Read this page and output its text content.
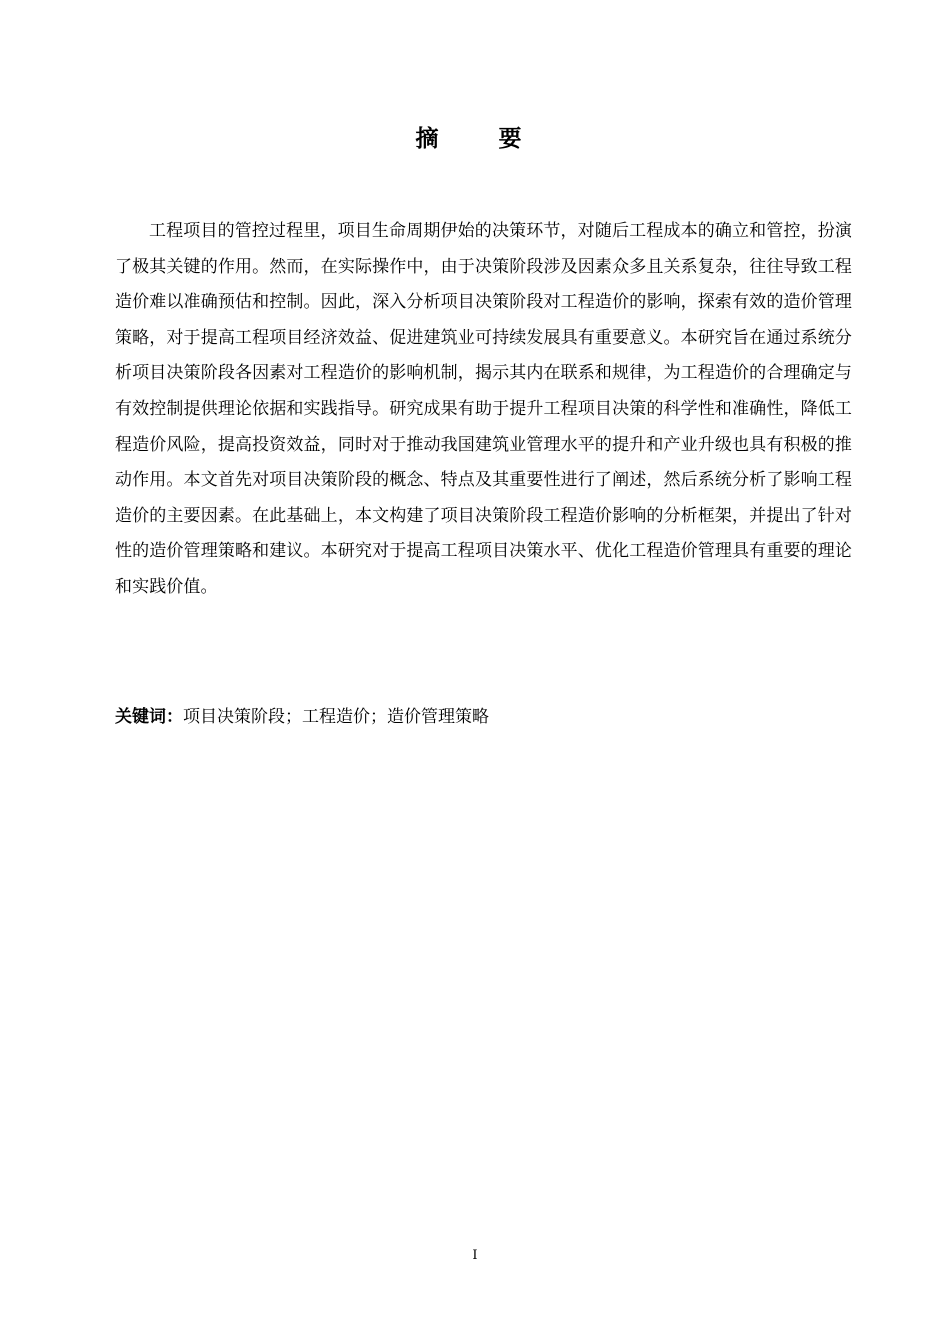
摘 要

工程项目的管控过程里，项目生命周期伊始的决策环节，对随后工程成本的确立和管控，扮演了极其关键的作用。然而，在实际操作中，由于决策阶段涉及因素众多且关系复杂，往往导致工程造价难以准确预估和控制。因此，深入分析项目决策阶段对工程造价的影响，探索有效的造价管理策略，对于提高工程项目经济效益、促进建筑业可持续发展具有重要意义。本研究旨在通过系统分析项目决策阶段各因素对工程造价的影响机制，揭示其内在联系和规律，为工程造价的合理确定与有效控制提供理论依据和实践指导。研究成果有助于提升工程项目决策的科学性和准确性，降低工程造价风险，提高投资效益，同时对于推动我国建筑业管理水平的提升和产业升级也具有积极的推动作用。本文首先对项目决策阶段的概念、特点及其重要性进行了阐述，然后系统分析了影响工程造价的主要因素。在此基础上，本文构建了项目决策阶段工程造价影响的分析框架，并提出了针对性的造价管理策略和建议。本研究对于提高工程项目决策水平、优化工程造价管理具有重要的理论和实践价值。

关键词：项目决策阶段；工程造价；造价管理策略
I
